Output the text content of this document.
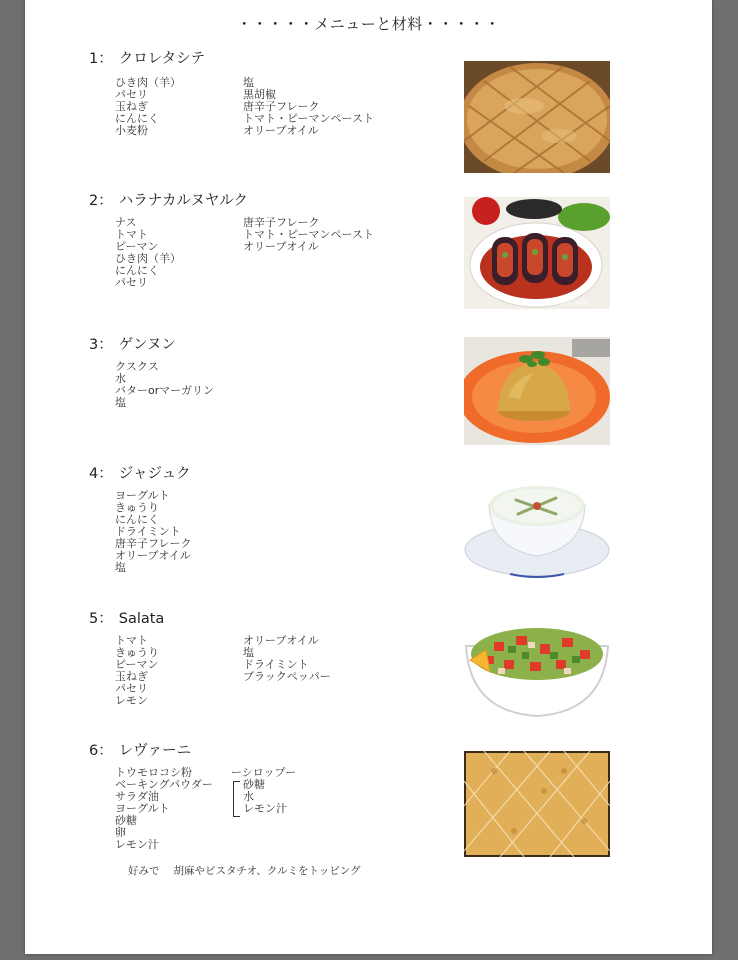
・・・・・メニューと材料・・・・・
1： クロレタシテ
ひき肉（羊）
パセリ
玉ねぎ
にんにく
小麦粉
塩
黒胡椒
唐辛子フレーク
トマト・ピーマンペースト
オリーブオイル
2： ハラナカルヌヤルク
ナス
トマト
ピーマン
ひき肉（羊）
にんにく
パセリ
唐辛子フレーク
トマト・ピーマンペースト
オリーブオイル
HomeCafe
3： ゲンヌン
クスクス
水
バターorマーガリン
塩
4： ジャジュク
ヨーグルト
きゅうり
にんにく
ドライミント
唐辛子フレーク
オリーブオイル
塩
5： Salata
トマト
きゅうり
ピーマン
玉ねぎ
パセリ
レモン
オリーブオイル
塩
ドライミント
ブラックペッパー
6： レヴァーニ
トウモロコシ粉
ベーキングパウダー
サラダ油
ヨーグルト
砂糖
卵
レモン汁
ーシロップー
砂糖
水
レモン汁
好みで 胡麻やピスタチオ、クルミをトッピング
